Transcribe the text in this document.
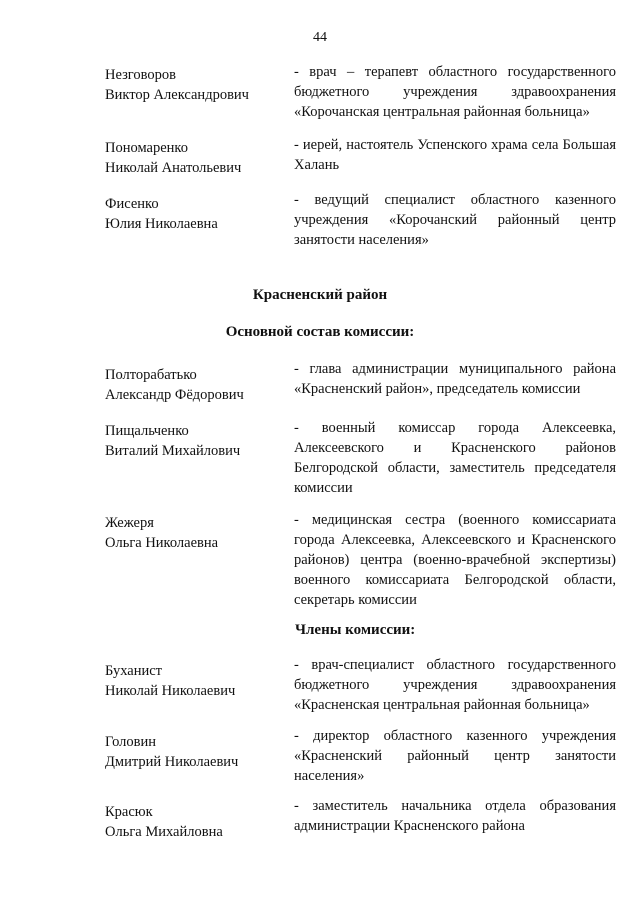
44
Незговоров
Виктор Александрович
- врач – терапевт областного государственного бюджетного учреждения здравоохранения «Корочанская центральная районная больница»
Пономаренко
Николай Анатольевич
- иерей, настоятель Успенского храма села Большая Халань
Фисенко
Юлия Николаевна
- ведущий специалист областного казенного учреждения «Корочанский районный центр занятости населения»
Красненский район
Основной состав комиссии:
Полторабатько
Александр Фёдорович
- глава администрации муниципального района «Красненский район», председатель комиссии
Пищальченко
Виталий Михайлович
- военный комиссар города Алексеевка, Алексеевского и Красненского районов Белгородской области, заместитель председателя комиссии
Жежеря
Ольга Николаевна
- медицинская сестра (военного комиссариата города Алексеевка, Алексеевского и Красненского районов) центра (военно-врачебной экспертизы) военного комиссариата Белгородской области, секретарь комиссии
Члены комиссии:
Буханист
Николай Николаевич
- врач-специалист областного государственного бюджетного учреждения здравоохранения «Красненская центральная районная больница»
Головин
Дмитрий Николаевич
- директор областного казенного учреждения «Красненский районный центр занятости населения»
Красюк
Ольга Михайловна
- заместитель начальника отдела образования администрации Красненского района
